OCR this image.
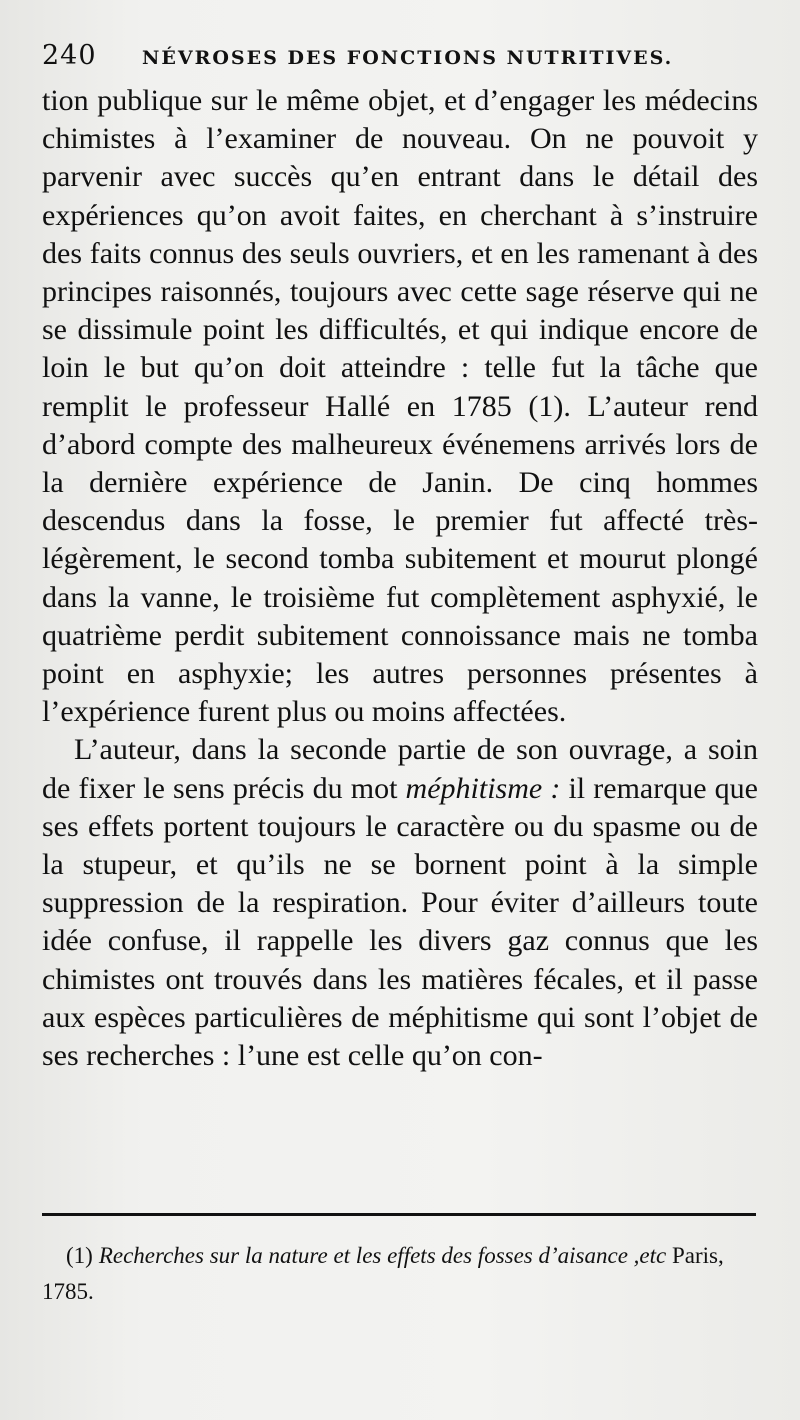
240	NÉVROSES DES FONCTIONS NUTRITIVES.

tion publique sur le même objet, et d’engager les médecins chimistes à l’examiner de nouveau. On ne pouvoit y parvenir avec succès qu’en entrant dans le détail des expériences qu’on avoit faites, en cherchant à s’instruire des faits connus des seuls ouvriers, et en les ramenant à des principes raisonnés, toujours avec cette sage réserve qui ne se dissimule point les difficultés, et qui indique encore de loin le but qu’on doit atteindre : telle fut la tâche que remplit le professeur Hallé en 1785 (1). L’auteur rend d’abord compte des malheureux événemens arrivés lors de la dernière expérience de Janin. De cinq hommes descendus dans la fosse, le premier fut affecté très-légèrement, le second tomba subitement et mourut plongé dans la vanne, le troisième fut complètement asphyxié, le quatrième perdit subitement connoissance mais ne tomba point en asphyxie; les autres personnes présentes à l’expérience furent plus ou moins affectées.

L’auteur, dans la seconde partie de son ouvrage, a soin de fixer le sens précis du mot méphitisme : il remarque que ses effets portent toujours le caractère ou du spasme ou de la stupeur, et qu’ils ne se bornent point à la simple suppression de la respiration. Pour éviter d’ailleurs toute idée confuse, il rappelle les divers gaz connus que les chimistes ont trouvés dans les matières fécales, et il passe aux espèces particulières de méphitisme qui sont l’objet de ses recherches : l’une est celle qu’on con-

(1) Recherches sur la nature et les effets des fosses d’aisance ,etc Paris, 1785.
